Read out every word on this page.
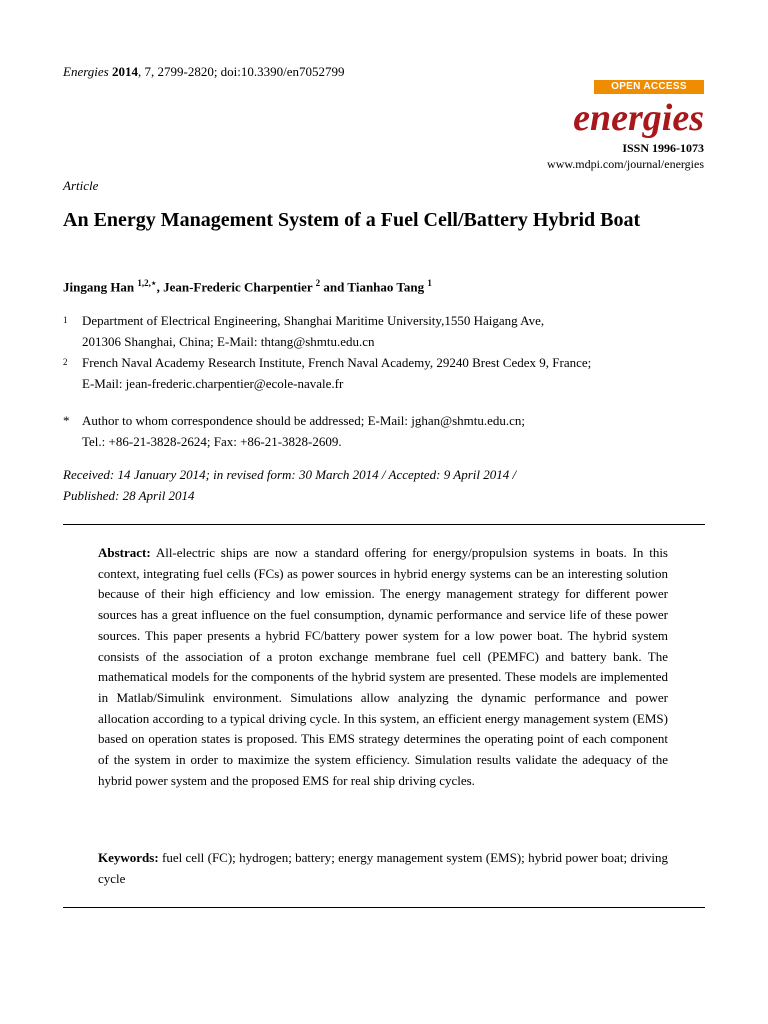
Energies 2014, 7, 2799-2820; doi:10.3390/en7052799
OPEN ACCESS
energies
ISSN 1996-1073
www.mdpi.com/journal/energies
Article
An Energy Management System of a Fuel Cell/Battery Hybrid Boat
Jingang Han $^{1,2,⋆}$, Jean-Frederic Charpentier $^2$ and Tianhao Tang $^1$
1 Department of Electrical Engineering, Shanghai Maritime University,1550 Haigang Ave,
201306 Shanghai, China; E-Mail: thtang@shmtu.edu.cn
2 French Naval Academy Research Institute, French Naval Academy, 29240 Brest Cedex 9, France;
E-Mail: jean-frederic.charpentier@ecole-navale.fr
* Author to whom correspondence should be addressed; E-Mail: jghan@shmtu.edu.cn;
Tel.: +86-21-3828-2624; Fax: +86-21-3828-2609.
Received: 14 January 2014; in revised form: 30 March 2014 / Accepted: 9 April 2014 /
Published: 28 April 2014
Abstract: All-electric ships are now a standard offering for energy/propulsion systems in boats. In this context, integrating fuel cells (FCs) as power sources in hybrid energy systems can be an interesting solution because of their high efficiency and low emission. The energy management strategy for different power sources has a great influence on the fuel consumption, dynamic performance and service life of these power sources. This paper presents a hybrid FC/battery power system for a low power boat. The hybrid system consists of the association of a proton exchange membrane fuel cell (PEMFC) and battery bank. The mathematical models for the components of the hybrid system are presented. These models are implemented in Matlab/Simulink environment. Simulations allow analyzing the dynamic performance and power allocation according to a typical driving cycle. In this system, an efficient energy management system (EMS) based on operation states is proposed. This EMS strategy determines the operating point of each component of the system in order to maximize the system efficiency. Simulation results validate the adequacy of the hybrid power system and the proposed EMS for real ship driving cycles.
Keywords: fuel cell (FC); hydrogen; battery; energy management system (EMS); hybrid power boat; driving cycle
